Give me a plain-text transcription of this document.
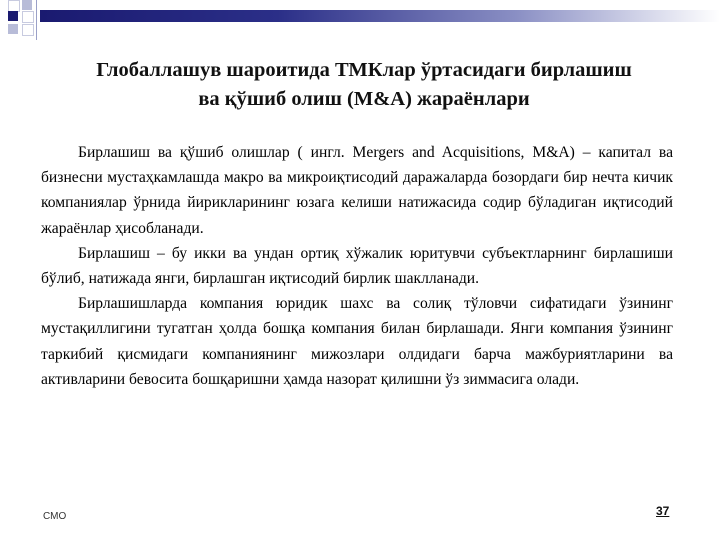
Глобаллашув шароитида ТМКлар ўртасидаги бирлашиш
ва қўшиб олиш (M&A) жараёнлари

Бирлашиш ва қўшиб олишлар ( ингл. Mergers and Acquisitions, M&A) – капитал ва бизнесни мустаҳкамлашда макро ва микроиқтисодий даражаларда бозордаги бир нечта кичик компаниялар ўрнида йирикларининг юзага келиши натижасида содир бўладиган иқтисодий жараёнлар ҳисобланади.

Бирлашиш – бу икки ва ундан ортиқ хўжалик юритувчи субъектларнинг бирлашиши бўлиб, натижада янги, бирлашган иқтисодий бирлик шаклланади.

Бирлашишларда компания юридик шахс ва солиқ тўловчи сифатидаги ўзининг мустақиллигини тугатган ҳолда бошқа компания билан бирлашади. Янги компания ўзининг таркибий қисмидаги компаниянинг мижозлари олдидаги барча мажбуриятларини ва активларини бевосита бошқаришни ҳамда назорат қилишни ўз зиммасига олади.

СМО	37
